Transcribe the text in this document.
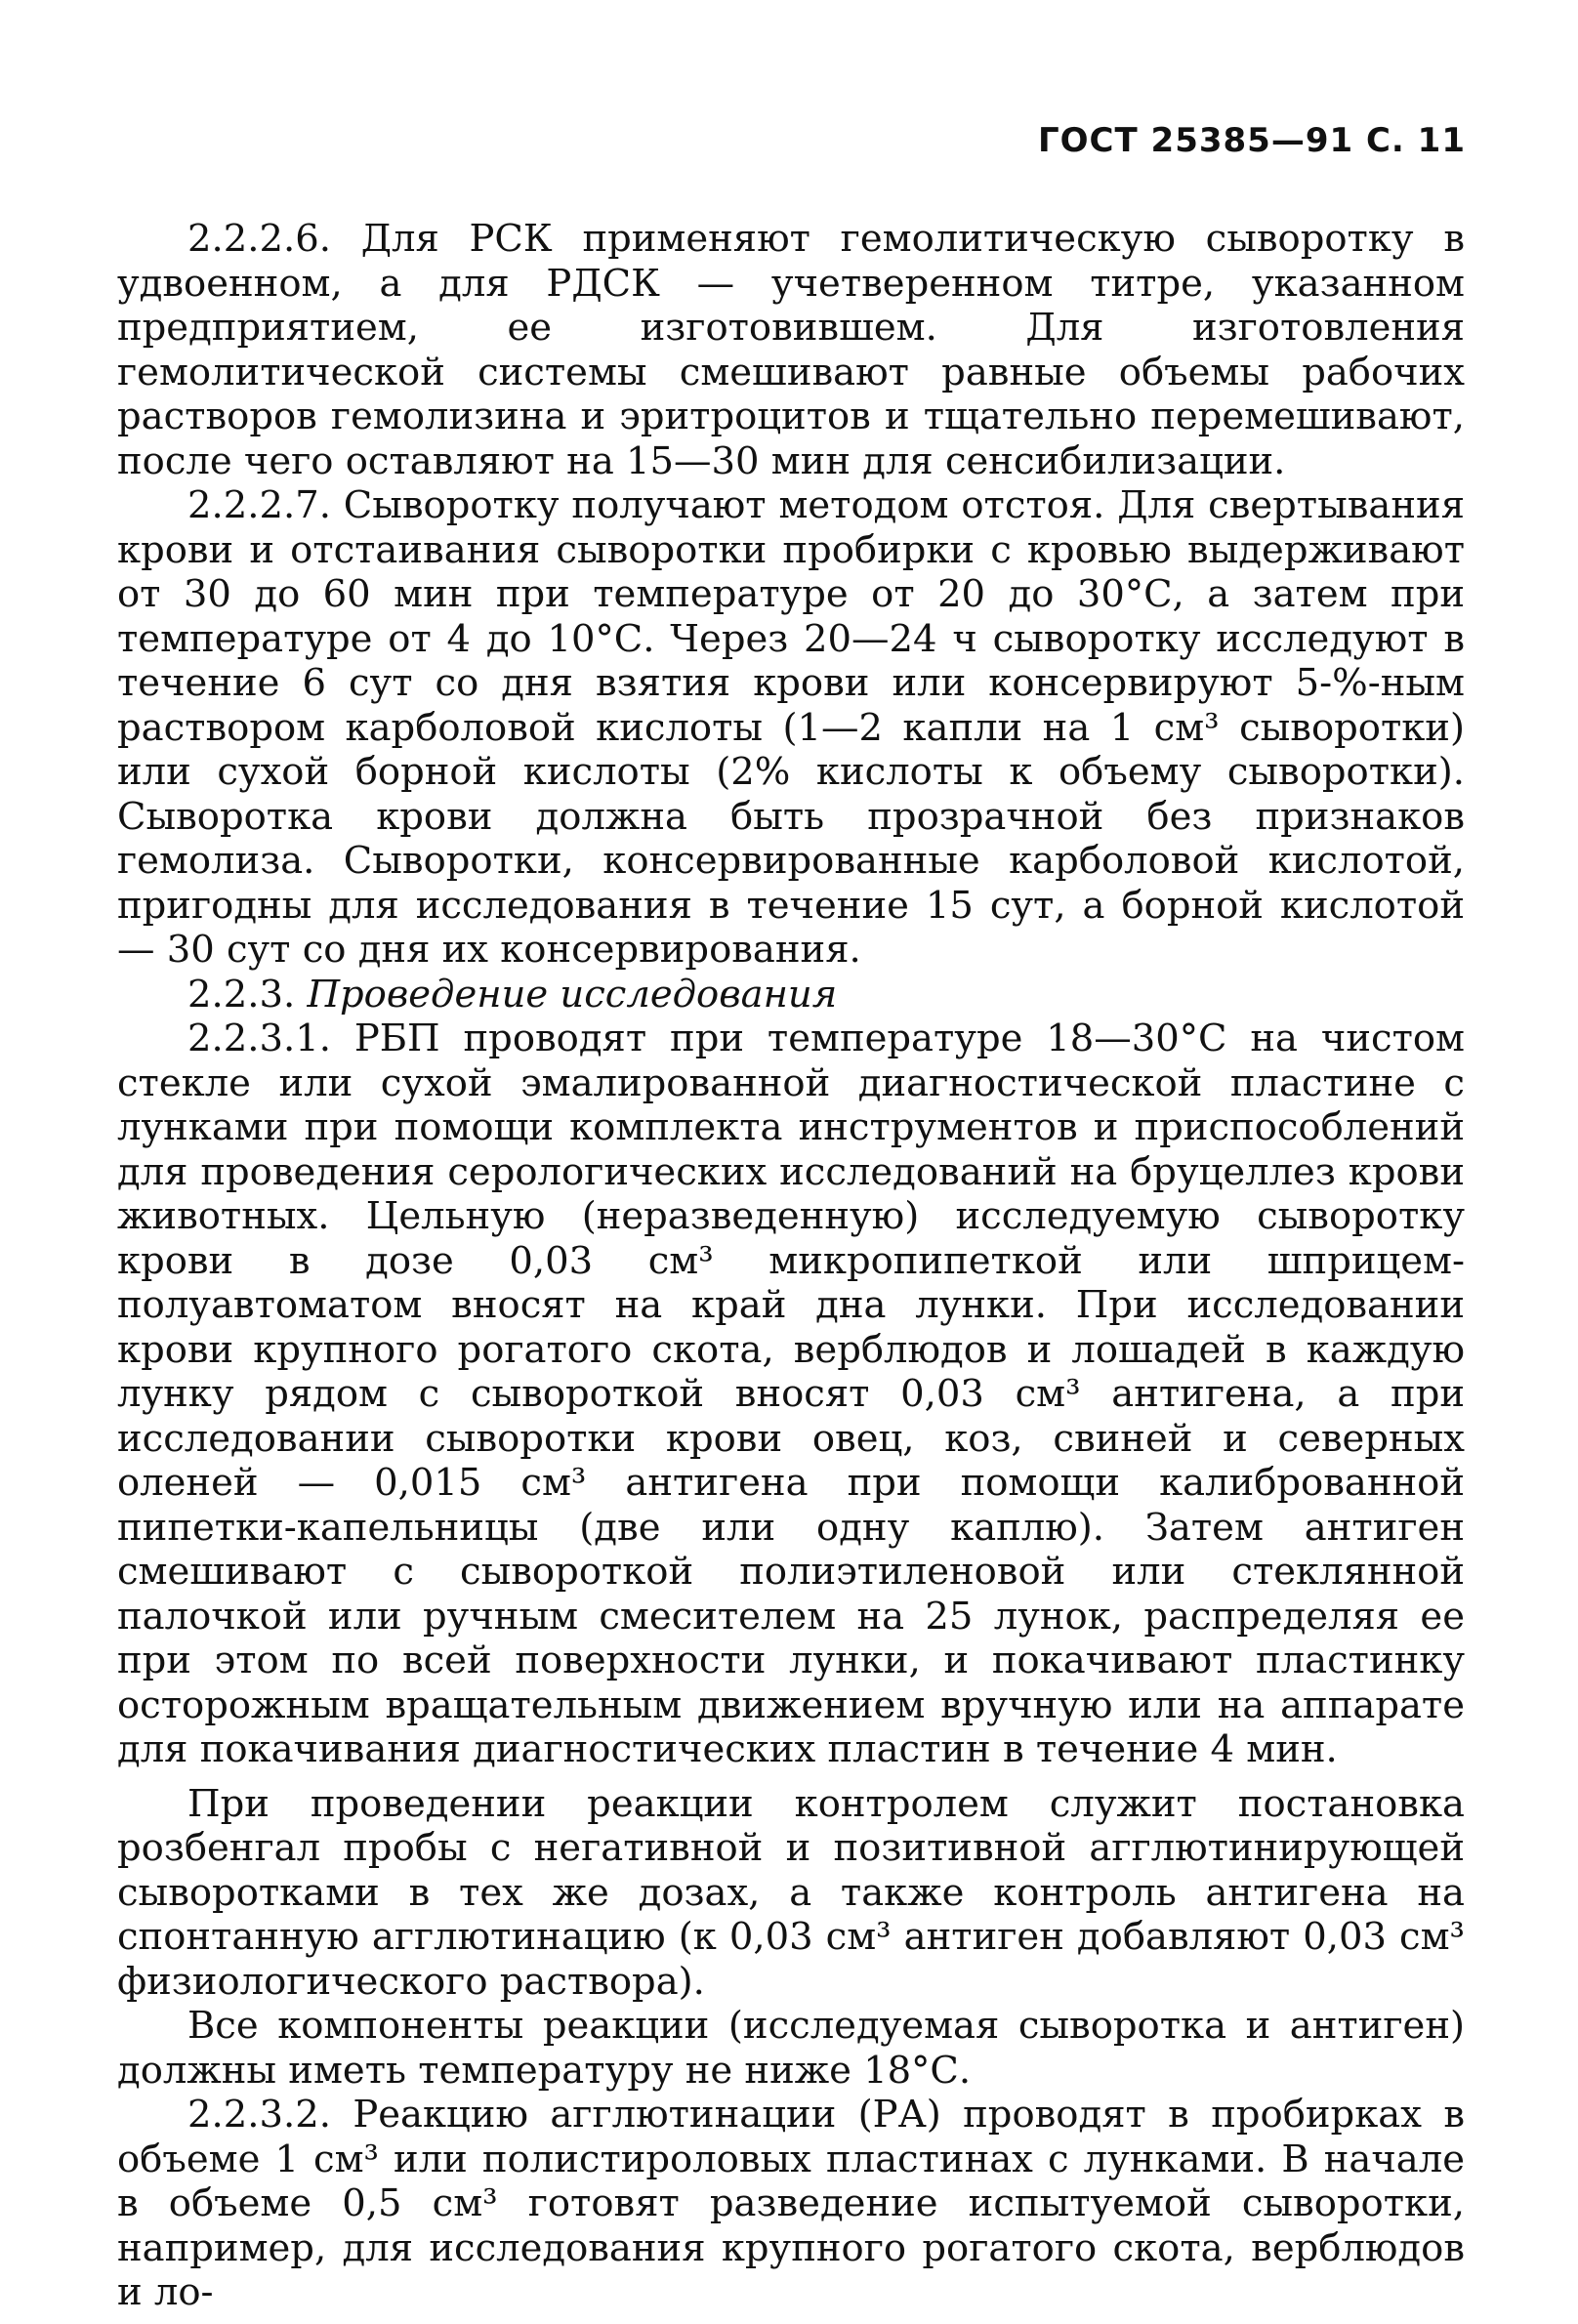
ГОСТ 25385—91 С. 11

2.2.2.6. Для РСК применяют гемолитическую сыворотку в удвоенном, а для РДСК — учетверенном титре, указанном предприятием, ее изготовившем. Для изготовления гемолитической системы смешивают равные объемы рабочих растворов гемолизина и эритроцитов и тщательно перемешивают, после чего оставляют на 15—30 мин для сенсибилизации.

2.2.2.7. Сыворотку получают методом отстоя. Для свертывания крови и отстаивания сыворотки пробирки с кровью выдерживают от 30 до 60 мин при температуре от 20 до 30°С, а затем при температуре от 4 до 10°С. Через 20—24 ч сыворотку исследуют в течение 6 сут со дня взятия крови или консервируют 5-%-ным раствором карболовой кислоты (1—2 капли на 1 см³ сыворотки) или сухой борной кислоты (2% кислоты к объему сыворотки). Сыворотка крови должна быть прозрачной без признаков гемолиза. Сыворотки, консервированные карболовой кислотой, пригодны для исследования в течение 15 сут, а борной кислотой — 30 сут со дня их консервирования.

2.2.3. Проведение исследования

2.2.3.1. РБП проводят при температуре 18—30°С на чистом стекле или сухой эмалированной диагностической пластине с лунками при помощи комплекта инструментов и приспособлений для проведения серологических исследований на бруцеллез крови животных. Цельную (неразведенную) исследуемую сыворотку крови в дозе 0,03 см³ микропипеткой или шприцем-полуавтоматом вносят на край дна лунки. При исследовании крови крупного рогатого скота, верблюдов и лошадей в каждую лунку рядом с сывороткой вносят 0,03 см³ антигена, а при исследовании сыворотки крови овец, коз, свиней и северных оленей — 0,015 см³ антигена при помощи калиброванной пипетки-капельницы (две или одну каплю). Затем антиген смешивают с сывороткой полиэтиленовой или стеклянной палочкой или ручным смесителем на 25 лунок, распределяя ее при этом по всей поверхности лунки, и покачивают пластинку осторожным вращательным движением вручную или на аппарате для покачивания диагностических пластин в течение 4 мин.

При проведении реакции контролем служит постановка розбенгал пробы с негативной и позитивной агглютинирующей сыворотками в тех же дозах, а также контроль антигена на спонтанную агглютинацию (к 0,03 см³ антиген добавляют 0,03 см³ физиологического раствора).

Все компоненты реакции (исследуемая сыворотка и антиген) должны иметь температуру не ниже 18°С.

2.2.3.2. Реакцию агглютинации (РА) проводят в пробирках в объеме 1 см³ или полистироловых пластинах с лунками. В начале в объеме 0,5 см³ готовят разведение испытуемой сыворотки, например, для исследования крупного рогатого скота, верблюдов и ло-
